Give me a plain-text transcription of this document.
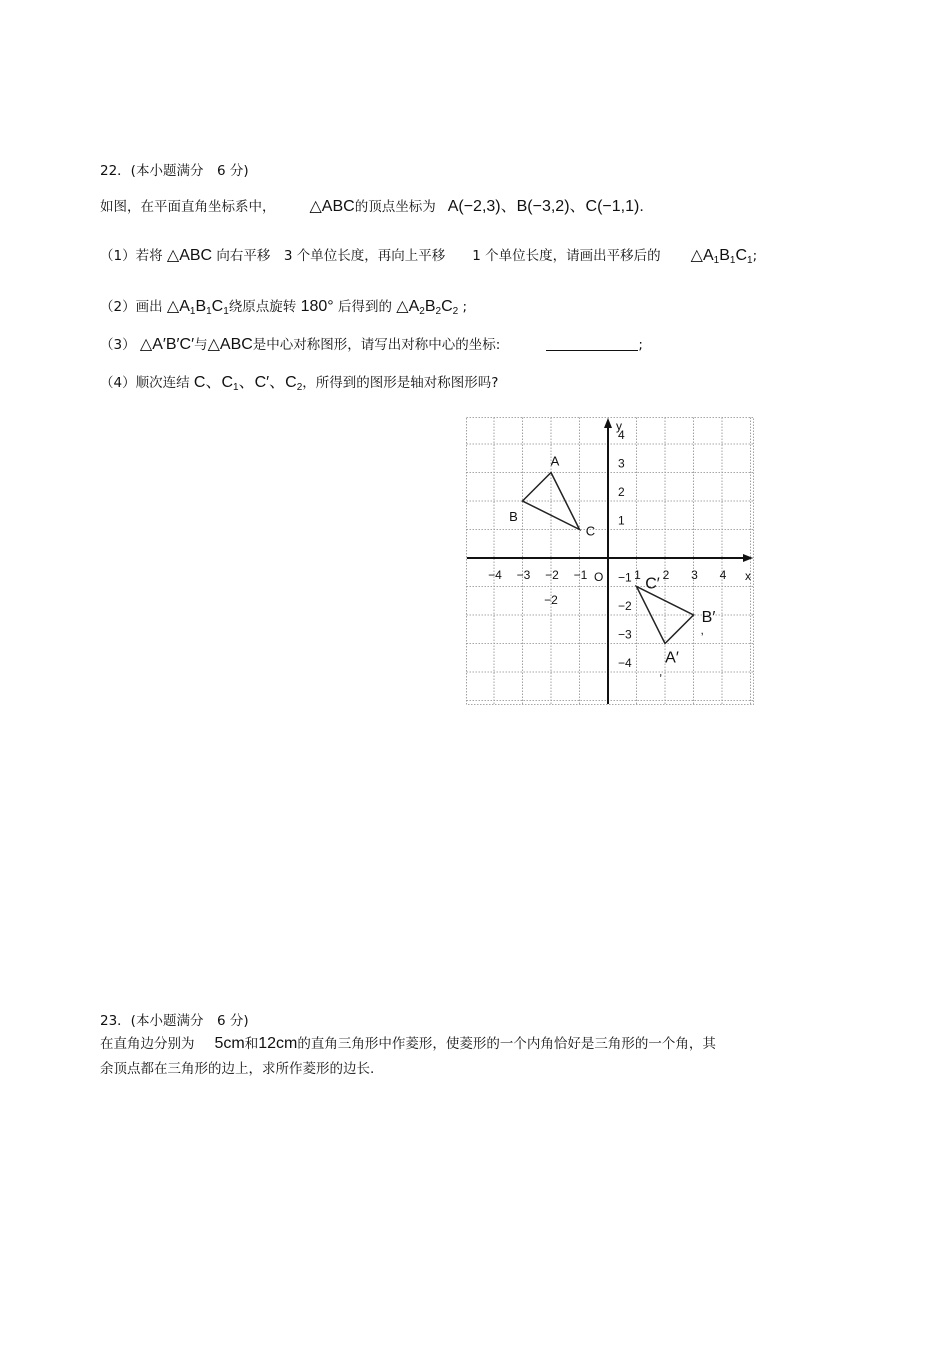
22．(本小题满分　6 分)
如图，在平面直角坐标系中， △ABC的顶点坐标为 A(−2,3)、B(−3,2)、C(−1,1).
（1）若将 △ABC 向右平移　3 个单位长度，再向上平移　　1 个单位长度，请画出平移后的 $\triangle A_1B_1C_1$;
（2）画出 $\triangle A_1B_1C_1$绕原点旋转 180° 后得到的 $\triangle A_2B_2C_2$ ;
（3） △A′B′C′与△ABC是中心对称图形，请写出对称中心的坐标:	;
（4）顺次连结 C、$C_1$、C′、$C_2$，所得到的图形是轴对称图形吗?
x
y
O
−4 −3 −2 −1	1 2 3 4
4
3
2
1
−1
−2
−3
−4
−2
A
B
C
A′
B′
C′
,
,
23．(本小题满分　6 分)
在直角边分别为 5cm和12cm的直角三角形中作菱形，使菱形的一个内角恰好是三角形的一个角，其
余顶点都在三角形的边上，求所作菱形的边长.
